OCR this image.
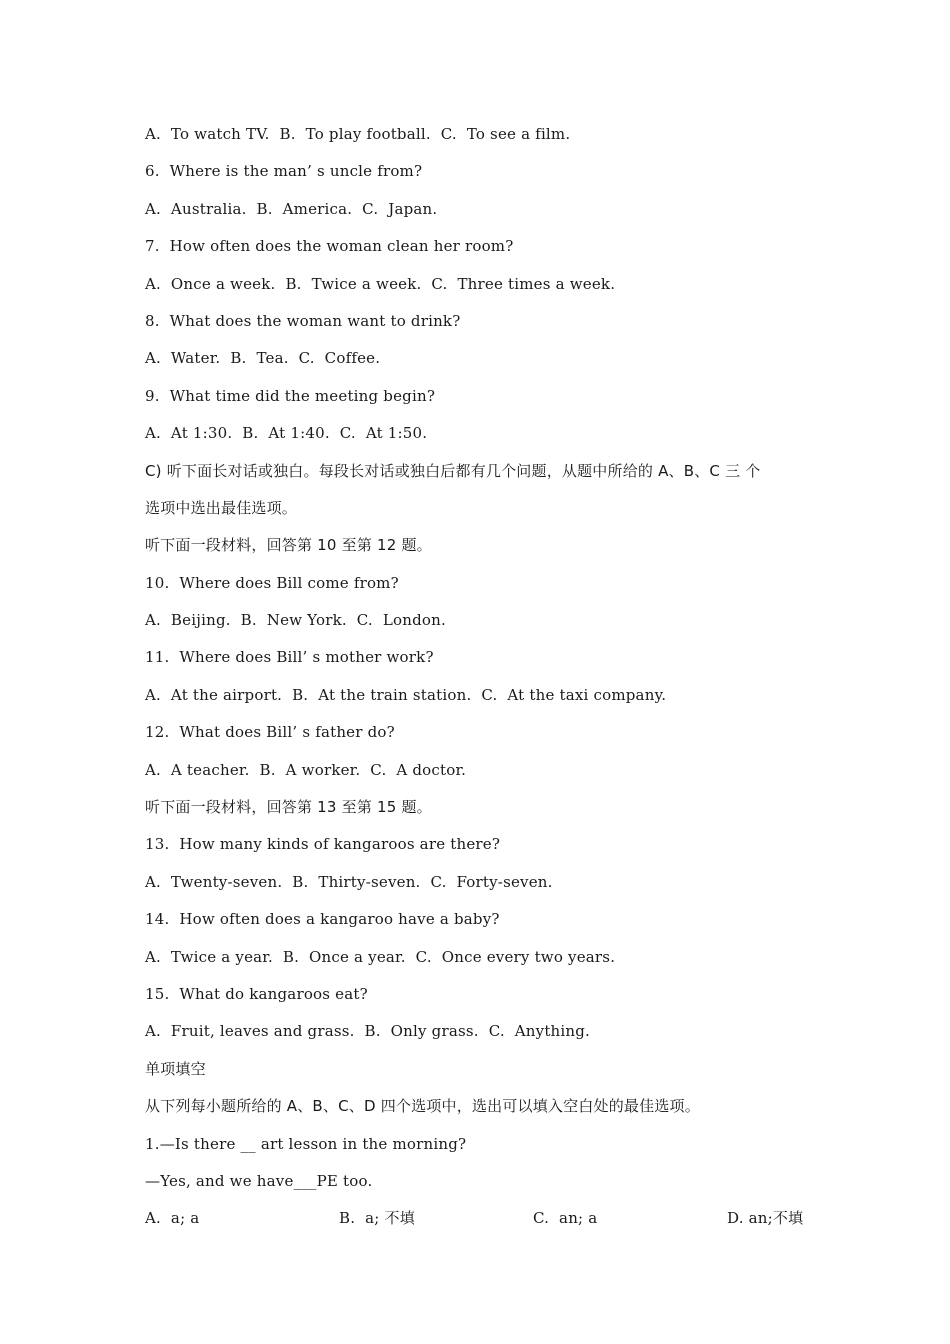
A.  To watch TV.  B.  To play football.  C.  To see a film.
6.  Where is the man’ s uncle from?
A.  Australia.  B.  America.  C.  Japan.
7.  How often does the woman clean her room?
A.  Once a week.  B.  Twice a week.  C.  Three times a week.
8.  What does the woman want to drink?
A.  Water.  B.  Tea.  C.  Coffee.
9.  What time did the meeting begin?
A.  At 1:30.  B.  At 1:40.  C.  At 1:50.
C) 听下面长对话或独白。每段长对话或独白后都有几个问题，从题中所给的 A、B、C 三 个
选项中选出最佳选项。
听下面一段材料，回答第 10 至第 12 题。
10.  Where does Bill come from?
A.  Beijing.  B.  New York.  C.  London.
11.  Where does Bill’ s mother work?
A.  At the airport.  B.  At the train station.  C.  At the taxi company.
12.  What does Bill’ s father do?
A.  A teacher.  B.  A worker.  C.  A doctor.
听下面一段材料，回答第 13 至第 15 题。
13.  How many kinds of kangaroos are there?
A.  Twenty-seven.  B.  Thirty-seven.  C.  Forty-seven.
14.  How often does a kangaroo have a baby?
A.  Twice a year.  B.  Once a year.  C.  Once every two years.
15.  What do kangaroos eat?
A.  Fruit, leaves and grass.  B.  Only grass.  C.  Anything.
单项填空
从下列每小题所给的 A、B、C、D 四个选项中，选出可以填入空白处的最佳选项。
1.—Is there __ art lesson in the morning?
—Yes, and we have___PE too.
A.  a; a	B.  a; 不填	C.  an; a	D. an;不填
